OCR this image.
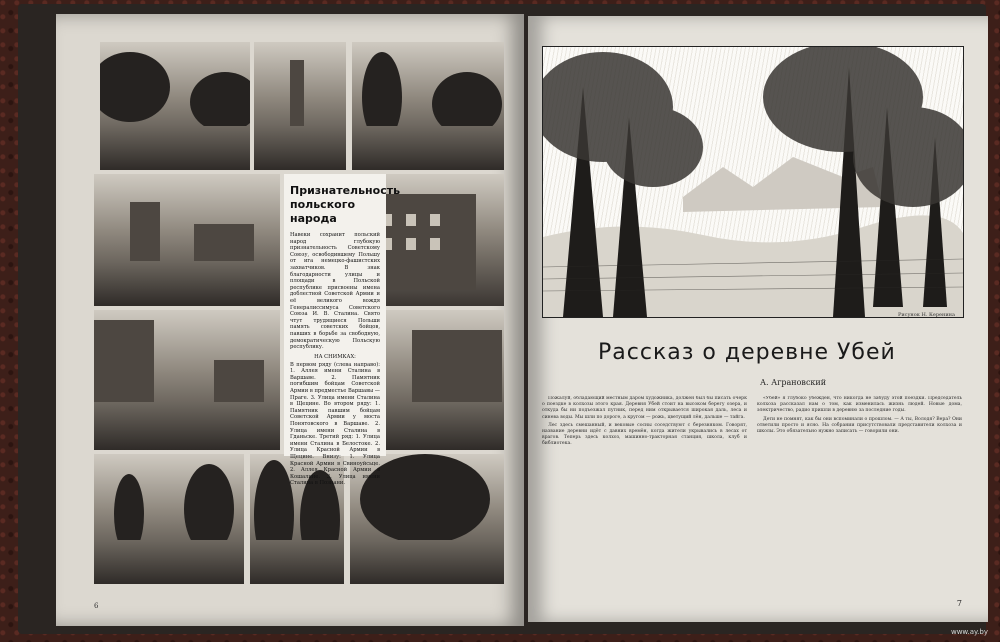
Признательность польского народа

Навеки сохранит польский народ глубокую признательность Советскому Союзу, освободившему Польшу от ига немецко-фашистских захватчиков. В знак благодарности улицы и площади в Польской республике присвоены имена доблестной Советской Армии и её великого вождя Генералиссимуса Советского Союза И. В. Сталина. Свято чтут трудящиеся Польши память советских бойцов, павших в борьбе за свободную, демократическую Польскую республику.

НА СНИМКАХ:

В первом ряду (слева направо): 1. Аллея имени Сталина в Варшаве. 2. Памятник погибшим бойцам Советской Армии в предместье Варшавы — Праге. 3. Улица имени Сталина в Щецине. Во втором ряду: 1. Памятник павшим бойцам Советской Армии у моста Понятовского в Варшаве. 2. Улица имени Сталина в Гданьске. Третий ряд: 1. Улица имени Сталина в Белостоке. 2. Улица Красной Армии в Щецине. Внизу: 1. Улица Красной Армии в Свиноуйсьце. 2. Аллея Красной Армии в Кошалине. 3. Улица имени Сталина в Познани.

6
Рисунок Н. Керенина
Рассказ о деревне Убей
А. Аграновский

Пожалуй, обладающий местным даром художника, должен был бы писать очерк о поездке в колхозы этого края. Деревня Убей стоит на высоком берегу озера, и откуда бы ни подъезжал путник, перед ним открывается широкая даль, леса и синева воды. Мы шли по дороге, а кругом — рожь, цветущий лён, дальше — тайга.

Лес здесь смешанный, и вековые сосны соседствуют с березняком. Говорят, название деревни идёт с давних времён, когда жители укрывались в лесах от врагов. Теперь здесь колхоз, машинно-тракторная станция, школа, клуб и библиотека.

«Убей» я глубоко убеждён, что никогда не забуду этой поездки. Председатель колхоза рассказал нам о том, как изменилась жизнь людей. Новые дома, электричество, радио пришли в деревню за последние годы.

Дети не помнят, как бы они вспоминали о прошлом. — А ты, Володя? Вера? Они ответили просто и ясно. На собрании присутствовали представители колхоза и школы. Это обязательно нужно записать — говорили они.

7
www.ay.by
